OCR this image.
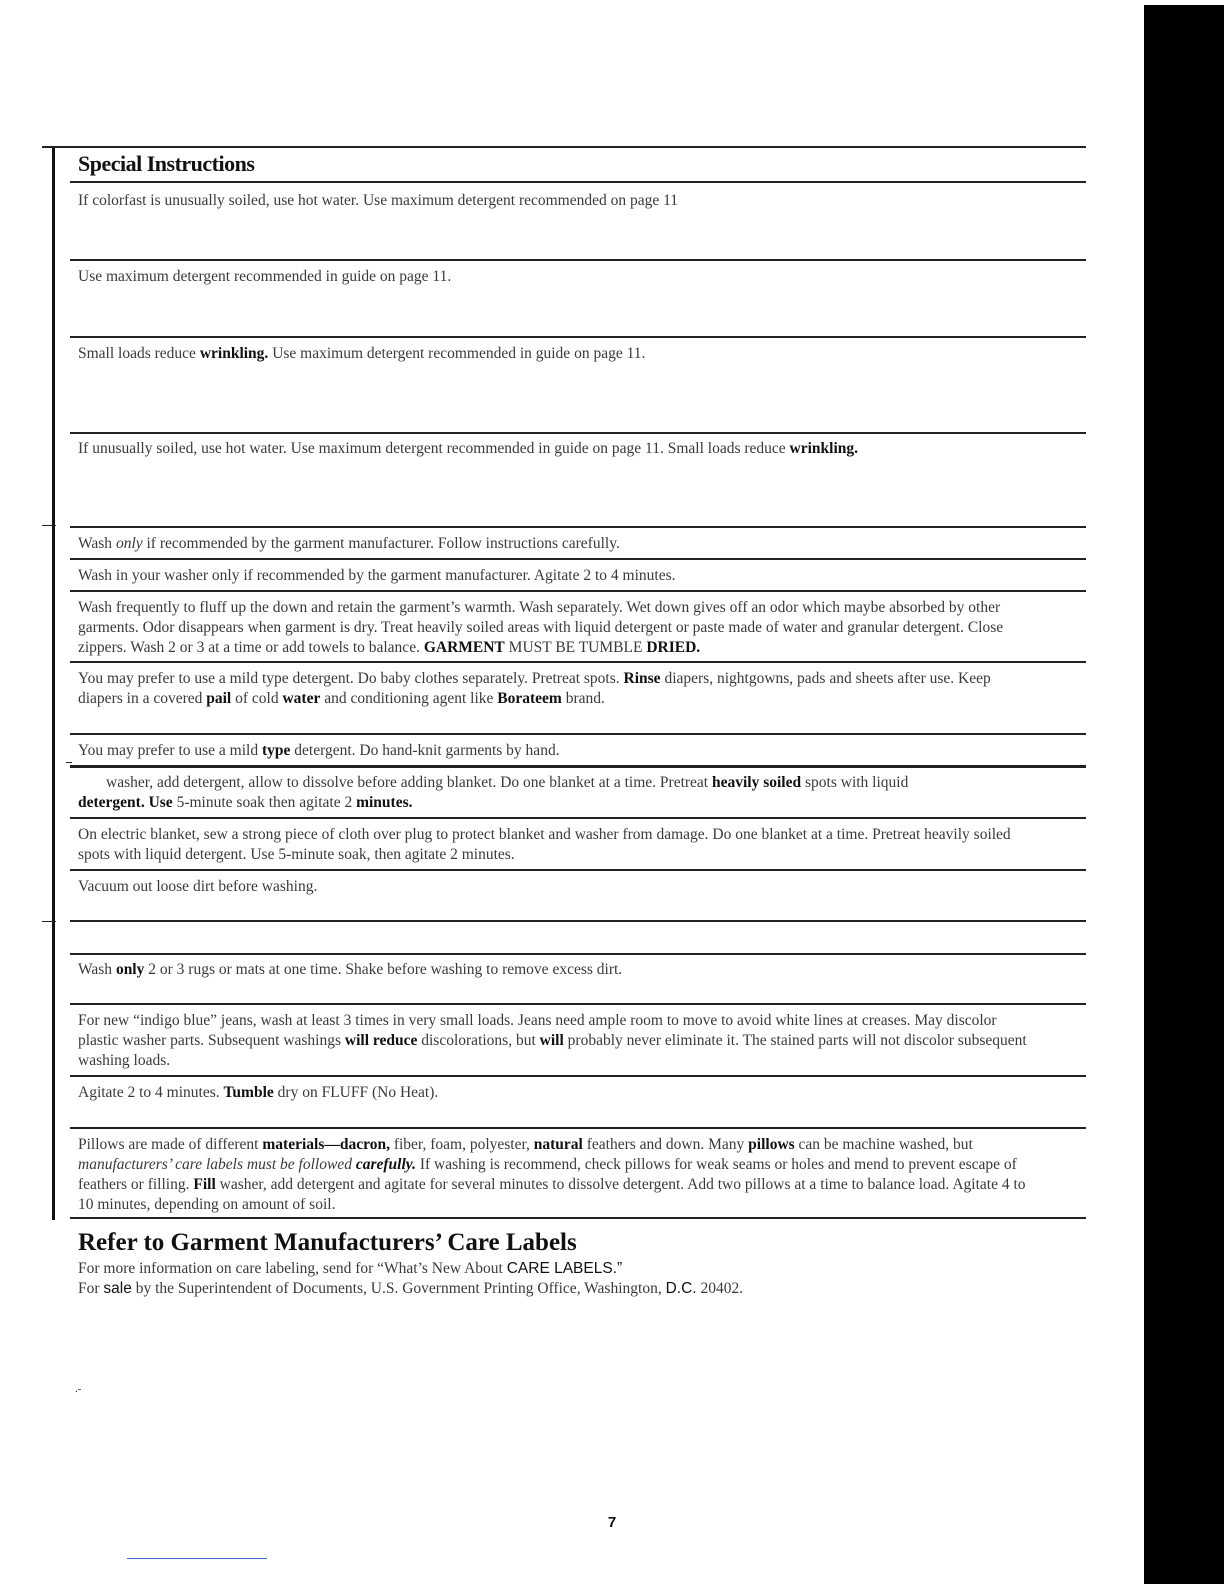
Special Instructions

If colorfast is unusually soiled, use hot water. Use maximum detergent recommended on page 11

Use maximum detergent recommended in guide on page 11.

Small loads reduce wrinkling. Use maximum detergent recommended in guide on page 11.

If unusually soiled, use hot water. Use maximum detergent recommended in guide on page 11. Small loads reduce wrinkling.

Wash only if recommended by the garment manufacturer. Follow instructions carefully.

Wash in your washer only if recommended by the garment manufacturer. Agitate 2 to 4 minutes.

Wash frequently to fluff up the down and retain the garment’s warmth. Wash separately. Wet down gives off an odor which maybe absorbed by other garments. Odor disappears when garment is dry. Treat heavily soiled areas with liquid detergent or paste made of water and granular detergent. Close zippers. Wash 2 or 3 at a time or add towels to balance. GARMENT MUST BE TUMBLE DRIED.

You may prefer to use a mild type detergent. Do baby clothes separately. Pretreat spots. Rinse diapers, nightgowns, pads and sheets after use. Keep diapers in a covered pail of cold water and conditioning agent like Borateem brand.

You may prefer to use a mild type detergent. Do hand-knit garments by hand.

washer, add detergent, allow to dissolve before adding blanket. Do one blanket at a time. Pretreat heavily soiled spots with liquid

detergent. Use 5-minute soak then agitate 2 minutes.

On electric blanket, sew a strong piece of cloth over plug to protect blanket and washer from damage. Do one blanket at a time. Pretreat heavily soiled spots with liquid detergent. Use 5-minute soak, then agitate 2 minutes.

Vacuum out loose dirt before washing.

Wash only 2 or 3 rugs or mats at one time. Shake before washing to remove excess dirt.

For new “indigo blue” jeans, wash at least 3 times in very small loads. Jeans need ample room to move to avoid white lines at creases. May discolor plastic washer parts. Subsequent washings will reduce discolorations, but will probably never eliminate it. The stained parts will not discolor subsequent washing loads.

Agitate 2 to 4 minutes. Tumble dry on FLUFF (No Heat).

Pillows are made of different materials—dacron, fiber, foam, polyester, natural feathers and down. Many pillows can be machine washed, but manufacturers’ care labels must be followed carefully. If washing is recommend, check pillows for weak seams or holes and mend to prevent escape of feathers or filling. Fill washer, add detergent and agitate for several minutes to dissolve detergent. Add two pillows at a time to balance load. Agitate 4 to 10 minutes, depending on amount of soil.

Refer to Garment Manufacturers’ Care Labels
For more information on care labeling, send for “What’s New About CARE LABELS.”
For sale by the Superintendent of Documents, U.S. Government Printing Office, Washington, D.C. 20402.
.-
7
